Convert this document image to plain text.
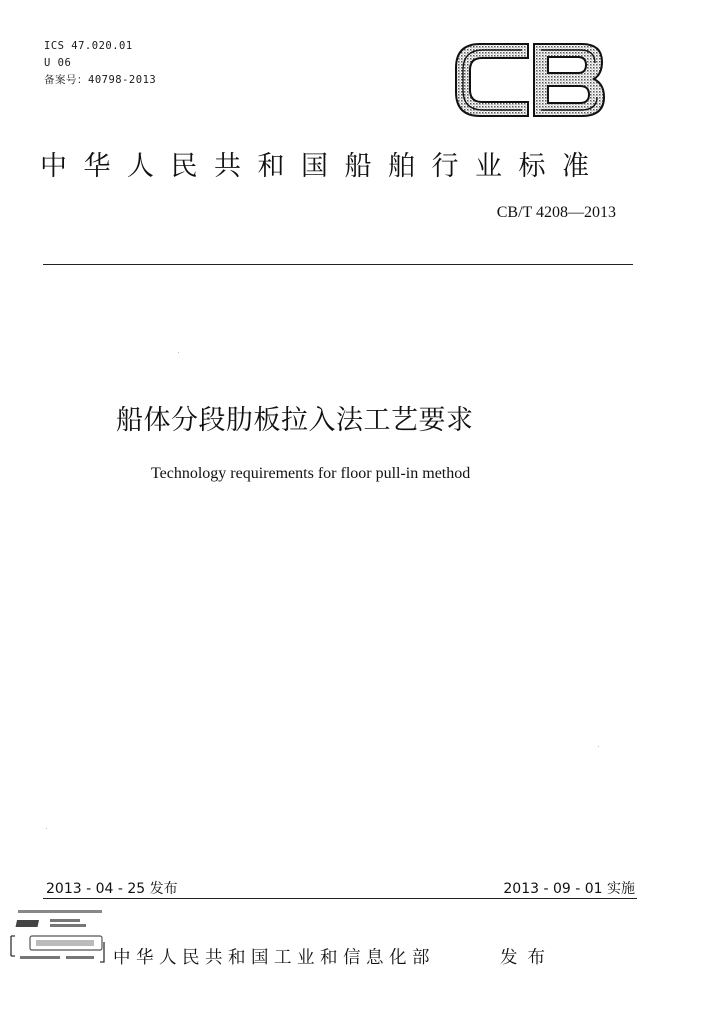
ICS 47.020.01
U 06
备案号：40798-2013
中华人民共和国船舶行业标准
CB/T 4208—2013
船体分段肋板拉入法工艺要求
Technology requirements for floor pull-in method
2013 - 04 - 25 发布	2013 - 09 - 01 实施
中华人民共和国工业和信息化部	发布
